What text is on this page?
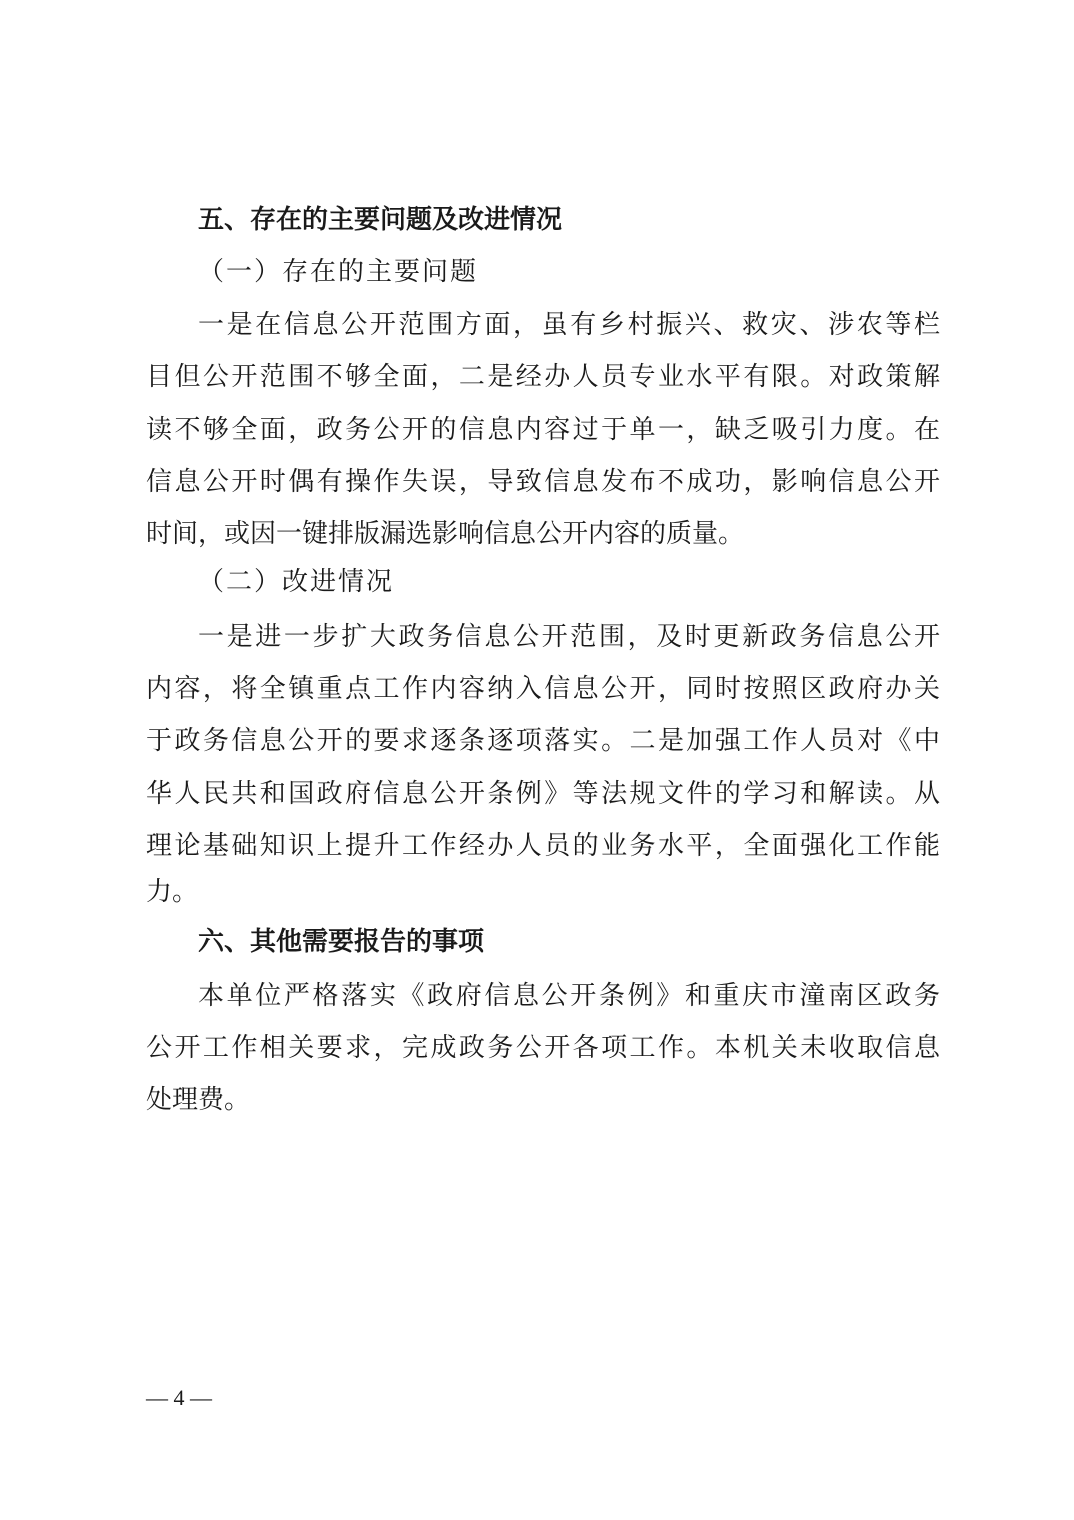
五、存在的主要问题及改进情况
（一）存在的主要问题
一是在信息公开范围方面，虽有乡村振兴、救灾、涉农等栏
目但公开范围不够全面，二是经办人员专业水平有限。对政策解
读不够全面，政务公开的信息内容过于单一，缺乏吸引力度。在
信息公开时偶有操作失误，导致信息发布不成功，影响信息公开
时间，或因一键排版漏选影响信息公开内容的质量。
（二）改进情况
一是进一步扩大政务信息公开范围，及时更新政务信息公开
内容，将全镇重点工作内容纳入信息公开，同时按照区政府办关
于政务信息公开的要求逐条逐项落实。二是加强工作人员对《中
华人民共和国政府信息公开条例》等法规文件的学习和解读。从
理论基础知识上提升工作经办人员的业务水平，全面强化工作能
力。
六、其他需要报告的事项
本单位严格落实《政府信息公开条例》和重庆市潼南区政务
公开工作相关要求，完成政务公开各项工作。本机关未收取信息
处理费。
— 4 —
